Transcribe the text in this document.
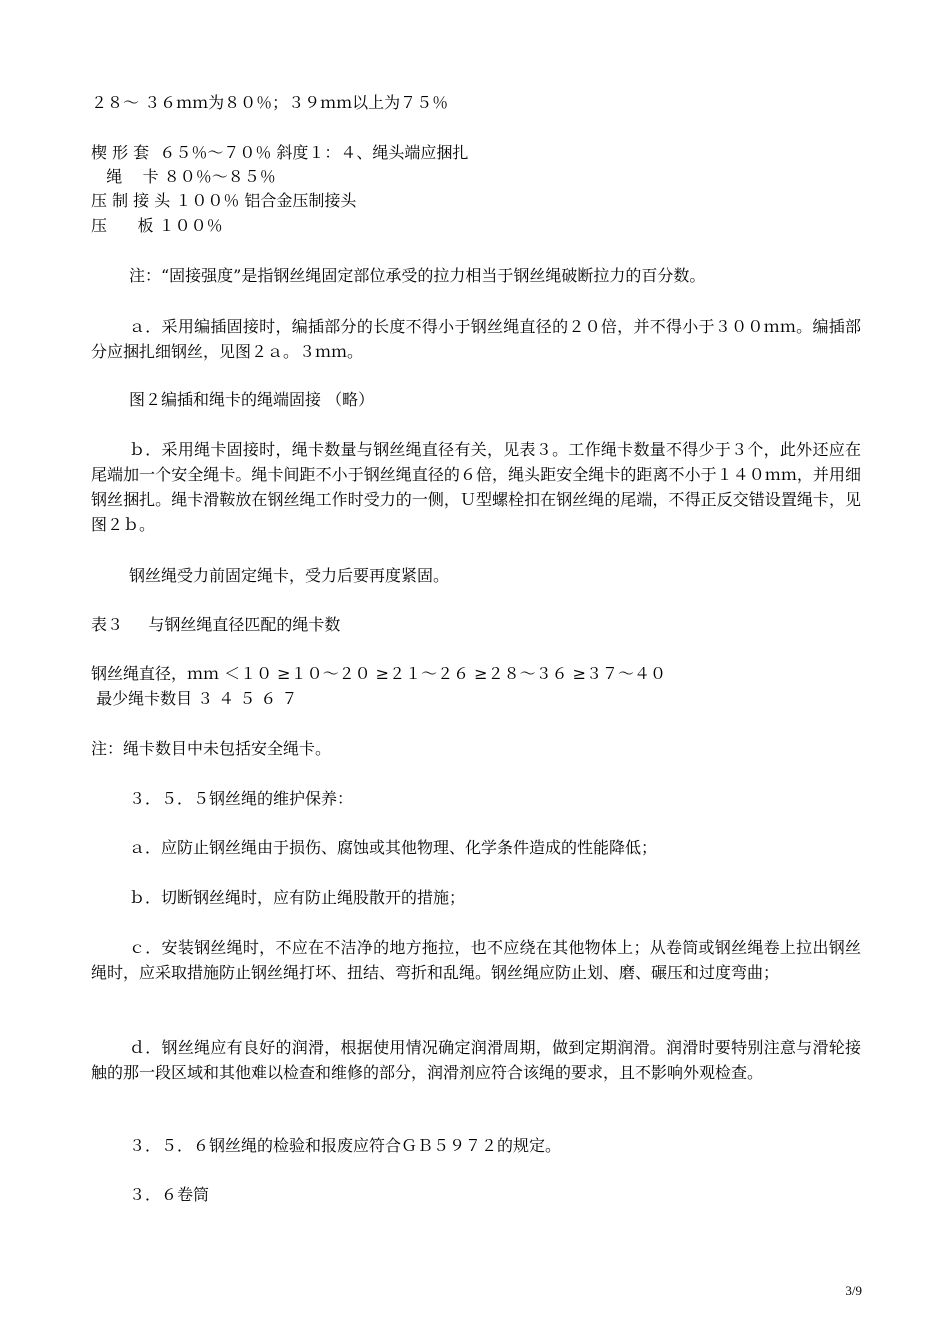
２８～ ３６ｍｍ为８０％；３９ｍｍ以上为７５％
楔 形 套  ６５％～７０％ 斜度１：４、绳头端应捆扎
绳    卡 ８０％～８５％
压 制 接 头 １００％ 铝合金压制接头
压      板 １００％
注：“固接强度”是指钢丝绳固定部位承受的拉力相当于钢丝绳破断拉力的百分数。
ａ．采用编插固接时，编插部分的长度不得小于钢丝绳直径的２０倍，并不得小于３００ｍｍ。编插部分应捆扎细钢丝，见图２ａ。３ｍｍ。
图２编插和绳卡的绳端固接 （略）
ｂ．采用绳卡固接时，绳卡数量与钢丝绳直径有关，见表３。工作绳卡数量不得少于３个，此外还应在尾端加一个安全绳卡。绳卡间距不小于钢丝绳直径的６倍，绳头距安全绳卡的距离不小于１４０ｍｍ，并用细钢丝捆扎。绳卡滑鞍放在钢丝绳工作时受力的一侧，Ｕ型螺栓扣在钢丝绳的尾端，不得正反交错设置绳卡，见图２ｂ。
钢丝绳受力前固定绳卡，受力后要再度紧固。
表３     与钢丝绳直径匹配的绳卡数
钢丝绳直径，ｍｍ ＜１０ ≥１０～２０ ≥２１～２６ ≥２８～３６ ≥３７～４０
最少绳卡数目 ３ ４ ５ ６ ７
注：绳卡数目中未包括安全绳卡。
３．５．５钢丝绳的维护保养：
ａ．应防止钢丝绳由于损伤、腐蚀或其他物理、化学条件造成的性能降低；
ｂ．切断钢丝绳时，应有防止绳股散开的措施；
ｃ．安装钢丝绳时，不应在不洁净的地方拖拉，也不应绕在其他物体上；从卷筒或钢丝绳卷上拉出钢丝绳时，应采取措施防止钢丝绳打坏、扭结、弯折和乱绳。钢丝绳应防止划、磨、碾压和过度弯曲；
ｄ．钢丝绳应有良好的润滑，根据使用情况确定润滑周期，做到定期润滑。润滑时要特别注意与滑轮接触的那一段区域和其他难以检查和维修的部分，润滑剂应符合该绳的要求，且不影响外观检查。
３．５．６钢丝绳的检验和报废应符合ＧＢ５９７２的规定。
３．６卷筒
3/9
